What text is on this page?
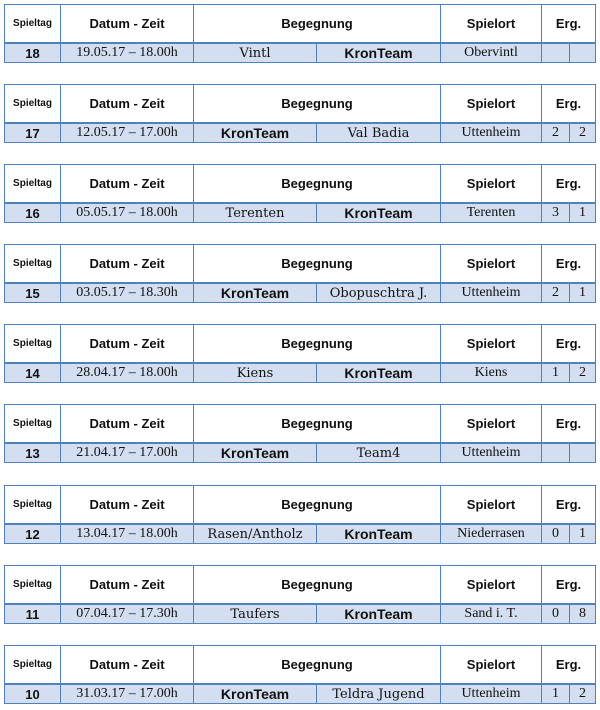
Spieltag	Datum - Zeit	Begegnung		Spielort	Erg.	
18	19.05.17 – 18.00h	Vintl	KronTeam	Obervintl		
Spieltag	Datum - Zeit	Begegnung		Spielort	Erg.	
17	12.05.17 – 17.00h	KronTeam	Val Badia	Uttenheim	2	2
Spieltag	Datum - Zeit	Begegnung		Spielort	Erg.	
16	05.05.17 – 18.00h	Terenten	KronTeam	Terenten	3	1
Spieltag	Datum - Zeit	Begegnung		Spielort	Erg.	
15	03.05.17 – 18.30h	KronTeam	Obopuschtra J.	Uttenheim	2	1
Spieltag	Datum - Zeit	Begegnung		Spielort	Erg.	
14	28.04.17 – 18.00h	Kiens	KronTeam	Kiens	1	2
Spieltag	Datum - Zeit	Begegnung		Spielort	Erg.	
13	21.04.17 – 17.00h	KronTeam	Team4	Uttenheim		
Spieltag	Datum - Zeit	Begegnung		Spielort	Erg.	
12	13.04.17 – 18.00h	Rasen/Antholz	KronTeam	Niederrasen	0	1
Spieltag	Datum - Zeit	Begegnung		Spielort	Erg.	
11	07.04.17 – 17.30h	Taufers	KronTeam	Sand i. T.	0	8
Spieltag	Datum - Zeit	Begegnung		Spielort	Erg.	
10	31.03.17 – 17.00h	KronTeam	Teldra Jugend	Uttenheim	1	2
